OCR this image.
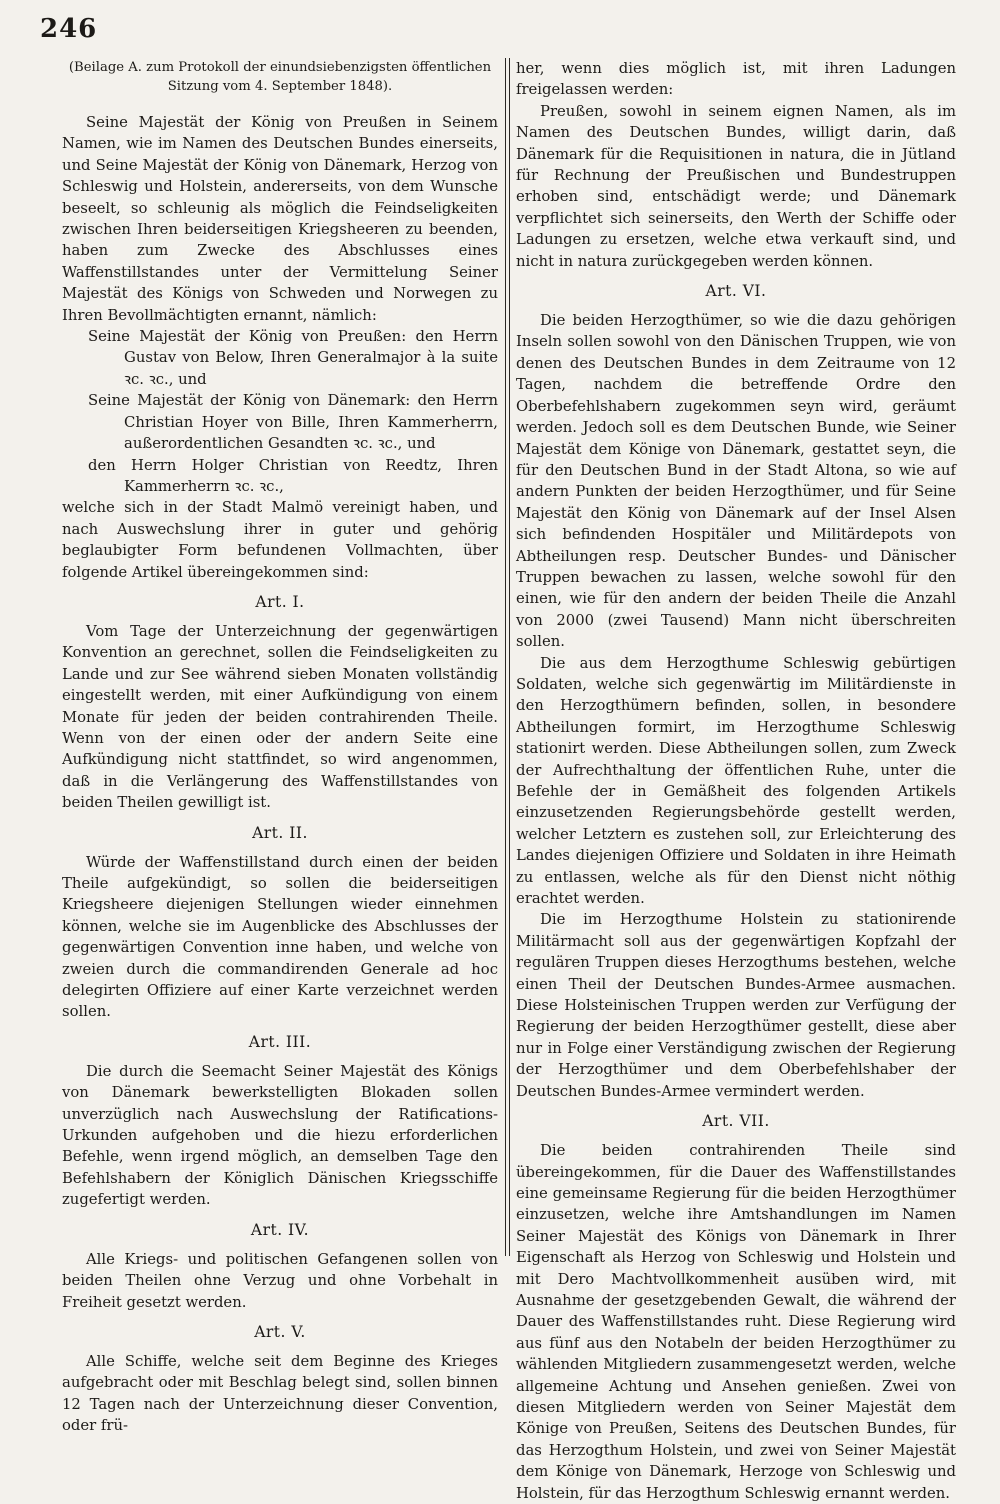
246

(Beilage A. zum Protokoll der einundsiebenzigsten öffentlichen Sitzung vom 4. September 1848).

Seine Majestät der König von Preußen in Seinem Namen, wie im Namen des Deutschen Bundes einerseits, und Seine Majestät der König von Dänemark, Herzog von Schleswig und Holstein, andererseits, von dem Wunsche beseelt, so schleunig als möglich die Feindseligkeiten zwischen Ihren beiderseitigen Kriegsheeren zu beenden, haben zum Zwecke des Abschlusses eines Waffenstillstandes unter der Vermittelung Seiner Majestät des Königs von Schweden und Norwegen zu Ihren Bevollmächtigten ernannt, nämlich:

Seine Majestät der König von Preußen: den Herrn Gustav von Below, Ihren Generalmajor à la suite ꝛc. ꝛc., und

Seine Majestät der König von Dänemark: den Herrn Christian Hoyer von Bille, Ihren Kammerherrn, außerordentlichen Gesandten ꝛc. ꝛc., und

den Herrn Holger Christian von Reedtz, Ihren Kammerherrn ꝛc. ꝛc.,

welche sich in der Stadt Malmö vereinigt haben, und nach Auswechslung ihrer in guter und gehörig beglaubigter Form befundenen Vollmachten, über folgende Artikel übereingekommen sind:

Art. I.

Vom Tage der Unterzeichnung der gegenwärtigen Konvention an gerechnet, sollen die Feindseligkeiten zu Lande und zur See während sieben Monaten vollständig eingestellt werden, mit einer Aufkündigung von einem Monate für jeden der beiden contrahirenden Theile. Wenn von der einen oder der andern Seite eine Aufkündigung nicht stattfindet, so wird angenommen, daß in die Verlängerung des Waffenstillstandes von beiden Theilen gewilligt ist.

Art. II.

Würde der Waffenstillstand durch einen der beiden Theile aufgekündigt, so sollen die beiderseitigen Kriegsheere diejenigen Stellungen wieder einnehmen können, welche sie im Augenblicke des Abschlusses der gegenwärtigen Convention inne haben, und welche von zweien durch die commandirenden Generale ad hoc delegirten Offiziere auf einer Karte verzeichnet werden sollen.

Art. III.

Die durch die Seemacht Seiner Majestät des Königs von Dänemark bewerkstelligten Blokaden sollen unverzüglich nach Auswechslung der Ratifications-Urkunden aufgehoben und die hiezu erforderlichen Befehle, wenn irgend möglich, an demselben Tage den Befehlshabern der Königlich Dänischen Kriegsschiffe zugefertigt werden.

Art. IV.

Alle Kriegs- und politischen Gefangenen sollen von beiden Theilen ohne Verzug und ohne Vorbehalt in Freiheit gesetzt werden.

Art. V.

Alle Schiffe, welche seit dem Beginne des Krieges aufgebracht oder mit Beschlag belegt sind, sollen binnen 12 Tagen nach der Unterzeichnung dieser Convention, oder frü-

her, wenn dies möglich ist, mit ihren Ladungen freigelassen werden:

Preußen, sowohl in seinem eignen Namen, als im Namen des Deutschen Bundes, willigt darin, daß Dänemark für die Requisitionen in natura, die in Jütland für Rechnung der Preußischen und Bundestruppen erhoben sind, entschädigt werde; und Dänemark verpflichtet sich seinerseits, den Werth der Schiffe oder Ladungen zu ersetzen, welche etwa verkauft sind, und nicht in natura zurückgegeben werden können.

Art. VI.

Die beiden Herzogthümer, so wie die dazu gehörigen Inseln sollen sowohl von den Dänischen Truppen, wie von denen des Deutschen Bundes in dem Zeitraume von 12 Tagen, nachdem die betreffende Ordre den Oberbefehlshabern zugekommen seyn wird, geräumt werden. Jedoch soll es dem Deutschen Bunde, wie Seiner Majestät dem Könige von Dänemark, gestattet seyn, die für den Deutschen Bund in der Stadt Altona, so wie auf andern Punkten der beiden Herzogthümer, und für Seine Majestät den König von Dänemark auf der Insel Alsen sich befindenden Hospitäler und Militärdepots von Abtheilungen resp. Deutscher Bundes- und Dänischer Truppen bewachen zu lassen, welche sowohl für den einen, wie für den andern der beiden Theile die Anzahl von 2000 (zwei Tausend) Mann nicht überschreiten sollen.

Die aus dem Herzogthume Schleswig gebürtigen Soldaten, welche sich gegenwärtig im Militärdienste in den Herzogthümern befinden, sollen, in besondere Abtheilungen formirt, im Herzogthume Schleswig stationirt werden. Diese Abtheilungen sollen, zum Zweck der Aufrechthaltung der öffentlichen Ruhe, unter die Befehle der in Gemäßheit des folgenden Artikels einzusetzenden Regierungsbehörde gestellt werden, welcher Letztern es zustehen soll, zur Erleichterung des Landes diejenigen Offiziere und Soldaten in ihre Heimath zu entlassen, welche als für den Dienst nicht nöthig erachtet werden.

Die im Herzogthume Holstein zu stationirende Militärmacht soll aus der gegenwärtigen Kopfzahl der regulären Truppen dieses Herzogthums bestehen, welche einen Theil der Deutschen Bundes-Armee ausmachen. Diese Holsteinischen Truppen werden zur Verfügung der Regierung der beiden Herzogthümer gestellt, diese aber nur in Folge einer Verständigung zwischen der Regierung der Herzogthümer und dem Oberbefehlshaber der Deutschen Bundes-Armee vermindert werden.

Art. VII.

Die beiden contrahirenden Theile sind übereingekommen, für die Dauer des Waffenstillstandes eine gemeinsame Regierung für die beiden Herzogthümer einzusetzen, welche ihre Amtshandlungen im Namen Seiner Majestät des Königs von Dänemark in Ihrer Eigenschaft als Herzog von Schleswig und Holstein und mit Dero Machtvollkommenheit ausüben wird, mit Ausnahme der gesetzgebenden Gewalt, die während der Dauer des Waffenstillstandes ruht. Diese Regierung wird aus fünf aus den Notabeln der beiden Herzogthümer zu wählenden Mitgliedern zusammengesetzt werden, welche allgemeine Achtung und Ansehen genießen. Zwei von diesen Mitgliedern werden von Seiner Majestät dem Könige von Preußen, Seitens des Deutschen Bundes, für das Herzogthum Holstein, und zwei von Seiner Majestät dem Könige von Dänemark, Herzoge von Schleswig und Holstein, für das Herzogthum Schleswig ernannt werden.
